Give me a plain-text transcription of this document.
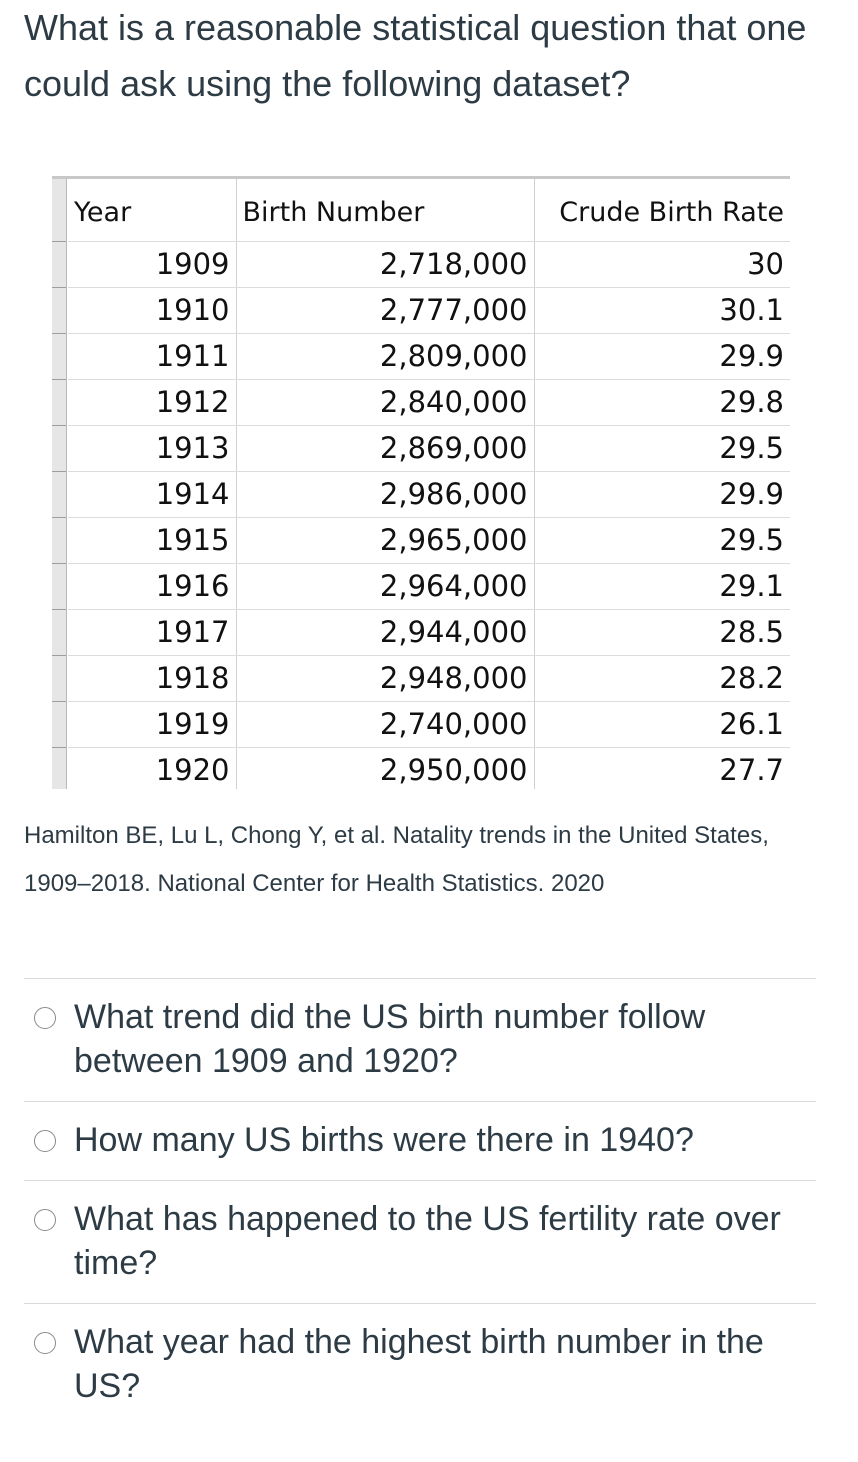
What is a reasonable statistical question that one could ask using the following dataset?
Year	Birth Number	Crude Birth Rate
1909	2,718,000	30
1910	2,777,000	30.1
1911	2,809,000	29.9
1912	2,840,000	29.8
1913	2,869,000	29.5
1914	2,986,000	29.9
1915	2,965,000	29.5
1916	2,964,000	29.1
1917	2,944,000	28.5
1918	2,948,000	28.2
1919	2,740,000	26.1
1920	2,950,000	27.7
Hamilton BE, Lu L, Chong Y, et al. Natality trends in the United States, 1909–2018. National Center for Health Statistics. 2020
What trend did the US birth number follow between 1909 and 1920?
How many US births were there in 1940?
What has happened to the US fertility rate over time?
What year had the highest birth number in the US?
